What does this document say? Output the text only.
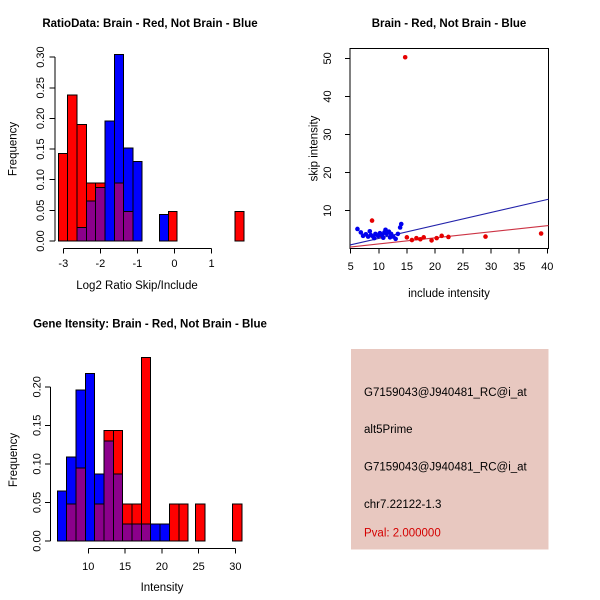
0.00
0.05
0.10
0.15
0.20
0.25
0.30
-3 -2 -1	0	1
RatioData: Brain - Red, Not Brain - Blue
Log2 Ratio Skip/Include
Frequency
5 10 15 20 25 30 35 40
10
20
30
40
50
Brain - Red, Not Brain - Blue
include intensity
skip intensity
0.00
0.05
0.10
0.15
0.20
10 15 20 25 30
Gene Itensity: Brain - Red, Not Brain - Blue
Intensity
Frequency
G7159043@J940481_RC@i_at
alt5Prime
G7159043@J940481_RC@i_at
chr7.22122-1.3
Pval: 2.000000
